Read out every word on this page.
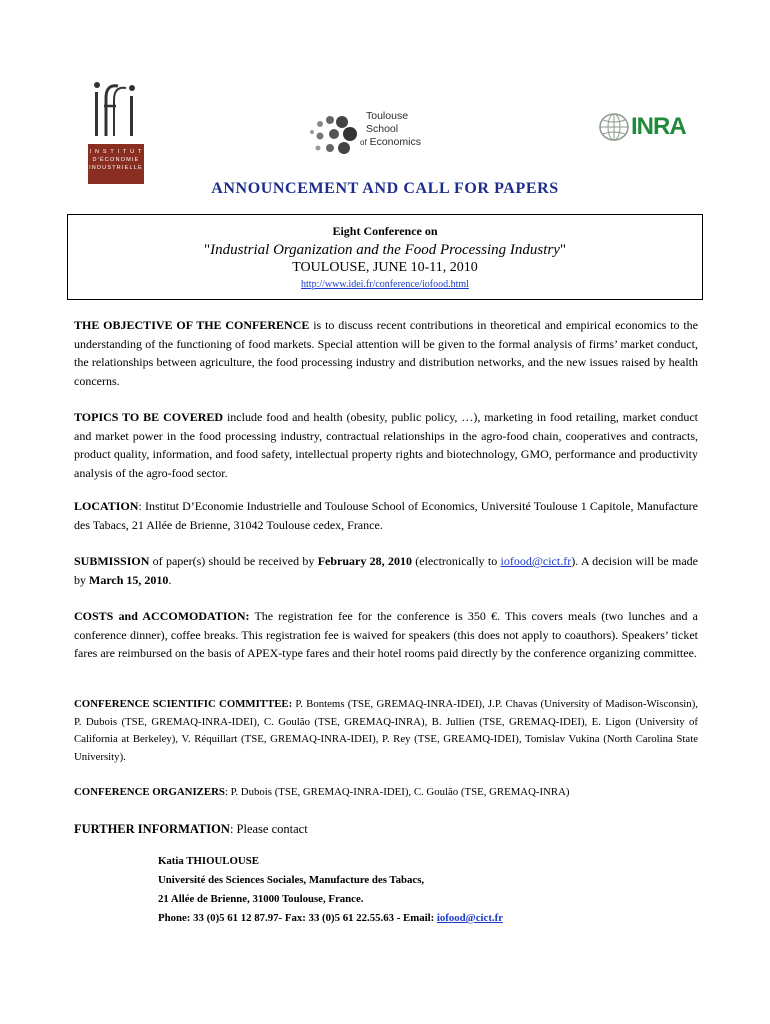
I N S T I T U T
D'ÉCONOMIE
INDUSTRIELLE
Toulouse
School
of Economics
INRA
ANNOUNCEMENT AND CALL FOR PAPERS
Eight Conference on
"Industrial Organization and the Food Processing Industry"
TOULOUSE, JUNE 10-11, 2010
http://www.idei.fr/conference/iofood.html
THE OBJECTIVE OF THE CONFERENCE is to discuss recent contributions in theoretical and empirical economics to the understanding of the functioning of food markets. Special attention will be given to the formal analysis of firms’ market conduct, the relationships between agriculture, the food processing industry and distribution networks, and the new issues raised by health concerns.
TOPICS TO BE COVERED include food and health (obesity, public policy, …), marketing in food retailing, market conduct and market power in the food processing industry, contractual relationships in the agro-food chain, cooperatives and contracts, product quality, information, and food safety, intellectual property rights and biotechnology, GMO, performance and productivity analysis of the agro-food sector.
LOCATION: Institut D’Economie Industrielle and Toulouse School of Economics, Université Toulouse 1 Capitole, Manufacture des Tabacs, 21 Allée de Brienne, 31042 Toulouse cedex, France.
SUBMISSION of paper(s) should be received by February 28, 2010 (electronically to iofood@cict.fr). A decision will be made by March 15, 2010.
COSTS and ACCOMODATION: The registration fee for the conference is 350 €. This covers meals (two lunches and a conference dinner), coffee breaks. This registration fee is waived for speakers (this does not apply to coauthors). Speakers’ ticket fares are reimbursed on the basis of APEX-type fares and their hotel rooms paid directly by the conference organizing committee.
CONFERENCE SCIENTIFIC COMMITTEE: P. Bontems (TSE, GREMAQ-INRA-IDEI), J.P. Chavas (University of Madison-Wisconsin), P. Dubois (TSE, GREMAQ-INRA-IDEI), C. Goulão (TSE, GREMAQ-INRA), B. Jullien (TSE, GREMAQ-IDEI), E. Ligon (University of California at Berkeley), V. Réquillart (TSE, GREMAQ-INRA-IDEI), P. Rey (TSE, GREAMQ-IDEI), Tomislav Vukina (North Carolina State University).
CONFERENCE ORGANIZERS: P. Dubois (TSE, GREMAQ-INRA-IDEI), C. Goulão (TSE, GREMAQ-INRA)
FURTHER INFORMATION: Please contact
Katia THIOULOUSE
Université des Sciences Sociales, Manufacture des Tabacs,
21 Allée de Brienne, 31000 Toulouse, France.
Phone: 33 (0)5 61 12 87.97- Fax: 33 (0)5 61 22.55.63 - Email: iofood@cict.fr
